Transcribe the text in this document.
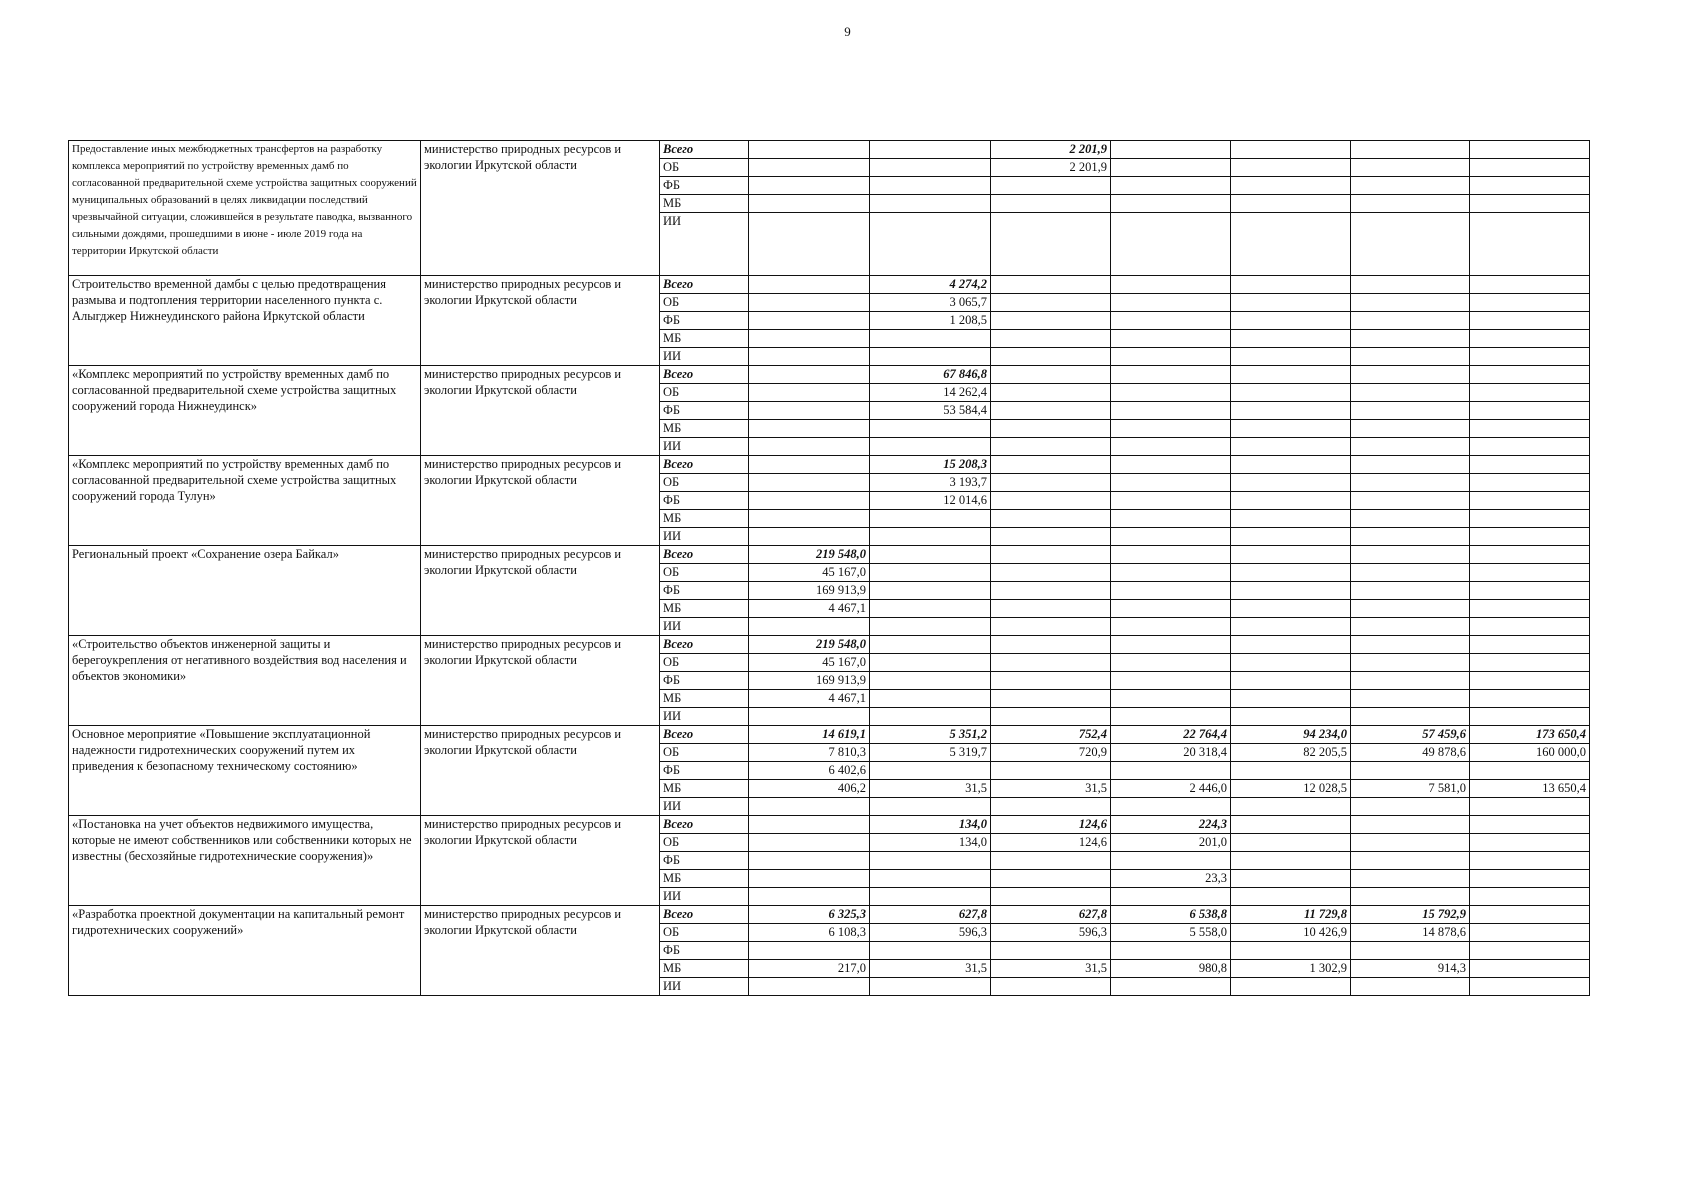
9
Предоставление иных межбюджетных трансфертов на разработку комплекса мероприятий по устройству временных дамб по согласованной предварительной схеме устройства защитных сооружений муниципальных образований в целях ликвидации последствий чрезвычайной ситуации, сложившейся в результате паводка, вызванного сильными дождями, прошедшими в июне - июле 2019 года на территории Иркутской области	министерство природных ресурсов и экологии Иркутской области	Всего			2 201,9				
		ОБ			2 201,9				
		ФБ							
		МБ							
		ИИ							
Строительство временной дамбы с целью предотвращения размыва и подтопления территории населенного пункта с. Алыгджер Нижнеудинского района Иркутской области	министерство природных ресурсов и экологии Иркутской области	Всего		4 274,2					
		ОБ		3 065,7					
		ФБ		1 208,5					
		МБ							
		ИИ							
«Комплекс мероприятий по устройству временных дамб по согласованной предварительной схеме устройства защитных сооружений города Нижнеудинск»	министерство природных ресурсов и экологии Иркутской области	Всего		67 846,8					
		ОБ		14 262,4					
		ФБ		53 584,4					
		МБ							
		ИИ							
«Комплекс мероприятий по устройству временных дамб по согласованной предварительной схеме устройства защитных сооружений города Тулун»	министерство природных ресурсов и экологии Иркутской области	Всего		15 208,3					
		ОБ		3 193,7					
		ФБ		12 014,6					
		МБ							
		ИИ							
Региональный проект «Сохранение озера Байкал»	министерство природных ресурсов и экологии Иркутской области	Всего	219 548,0						
		ОБ	45 167,0						
		ФБ	169 913,9						
		МБ	4 467,1						
		ИИ							
«Строительство объектов инженерной защиты и берегоукрепления от негативного воздействия вод населения и объектов экономики»	министерство природных ресурсов и экологии Иркутской области	Всего	219 548,0						
		ОБ	45 167,0						
		ФБ	169 913,9						
		МБ	4 467,1						
		ИИ							
Основное мероприятие «Повышение эксплуатационной надежности гидротехнических сооружений путем их приведения к безопасному техническому состоянию»	министерство природных ресурсов и экологии Иркутской области	Всего	14 619,1	5 351,2	752,4	22 764,4	94 234,0	57 459,6	173 650,4
		ОБ	7 810,3	5 319,7	720,9	20 318,4	82 205,5	49 878,6	160 000,0
		ФБ	6 402,6						
		МБ	406,2	31,5	31,5	2 446,0	12 028,5	7 581,0	13 650,4
		ИИ							
«Постановка на учет объектов недвижимого имущества, которые не имеют собственников или собственники которых не известны (бесхозяйные гидротехнические сооружения)»	министерство природных ресурсов и экологии Иркутской области	Всего		134,0	124,6	224,3			
		ОБ		134,0	124,6	201,0			
		ФБ							
		МБ				23,3			
		ИИ							
«Разработка проектной документации на капитальный ремонт гидротехнических сооружений»	министерство природных ресурсов и экологии Иркутской области	Всего	6 325,3	627,8	627,8	6 538,8	11 729,8	15 792,9	
		ОБ	6 108,3	596,3	596,3	5 558,0	10 426,9	14 878,6	
		ФБ							
		МБ	217,0	31,5	31,5	980,8	1 302,9	914,3	
		ИИ							
